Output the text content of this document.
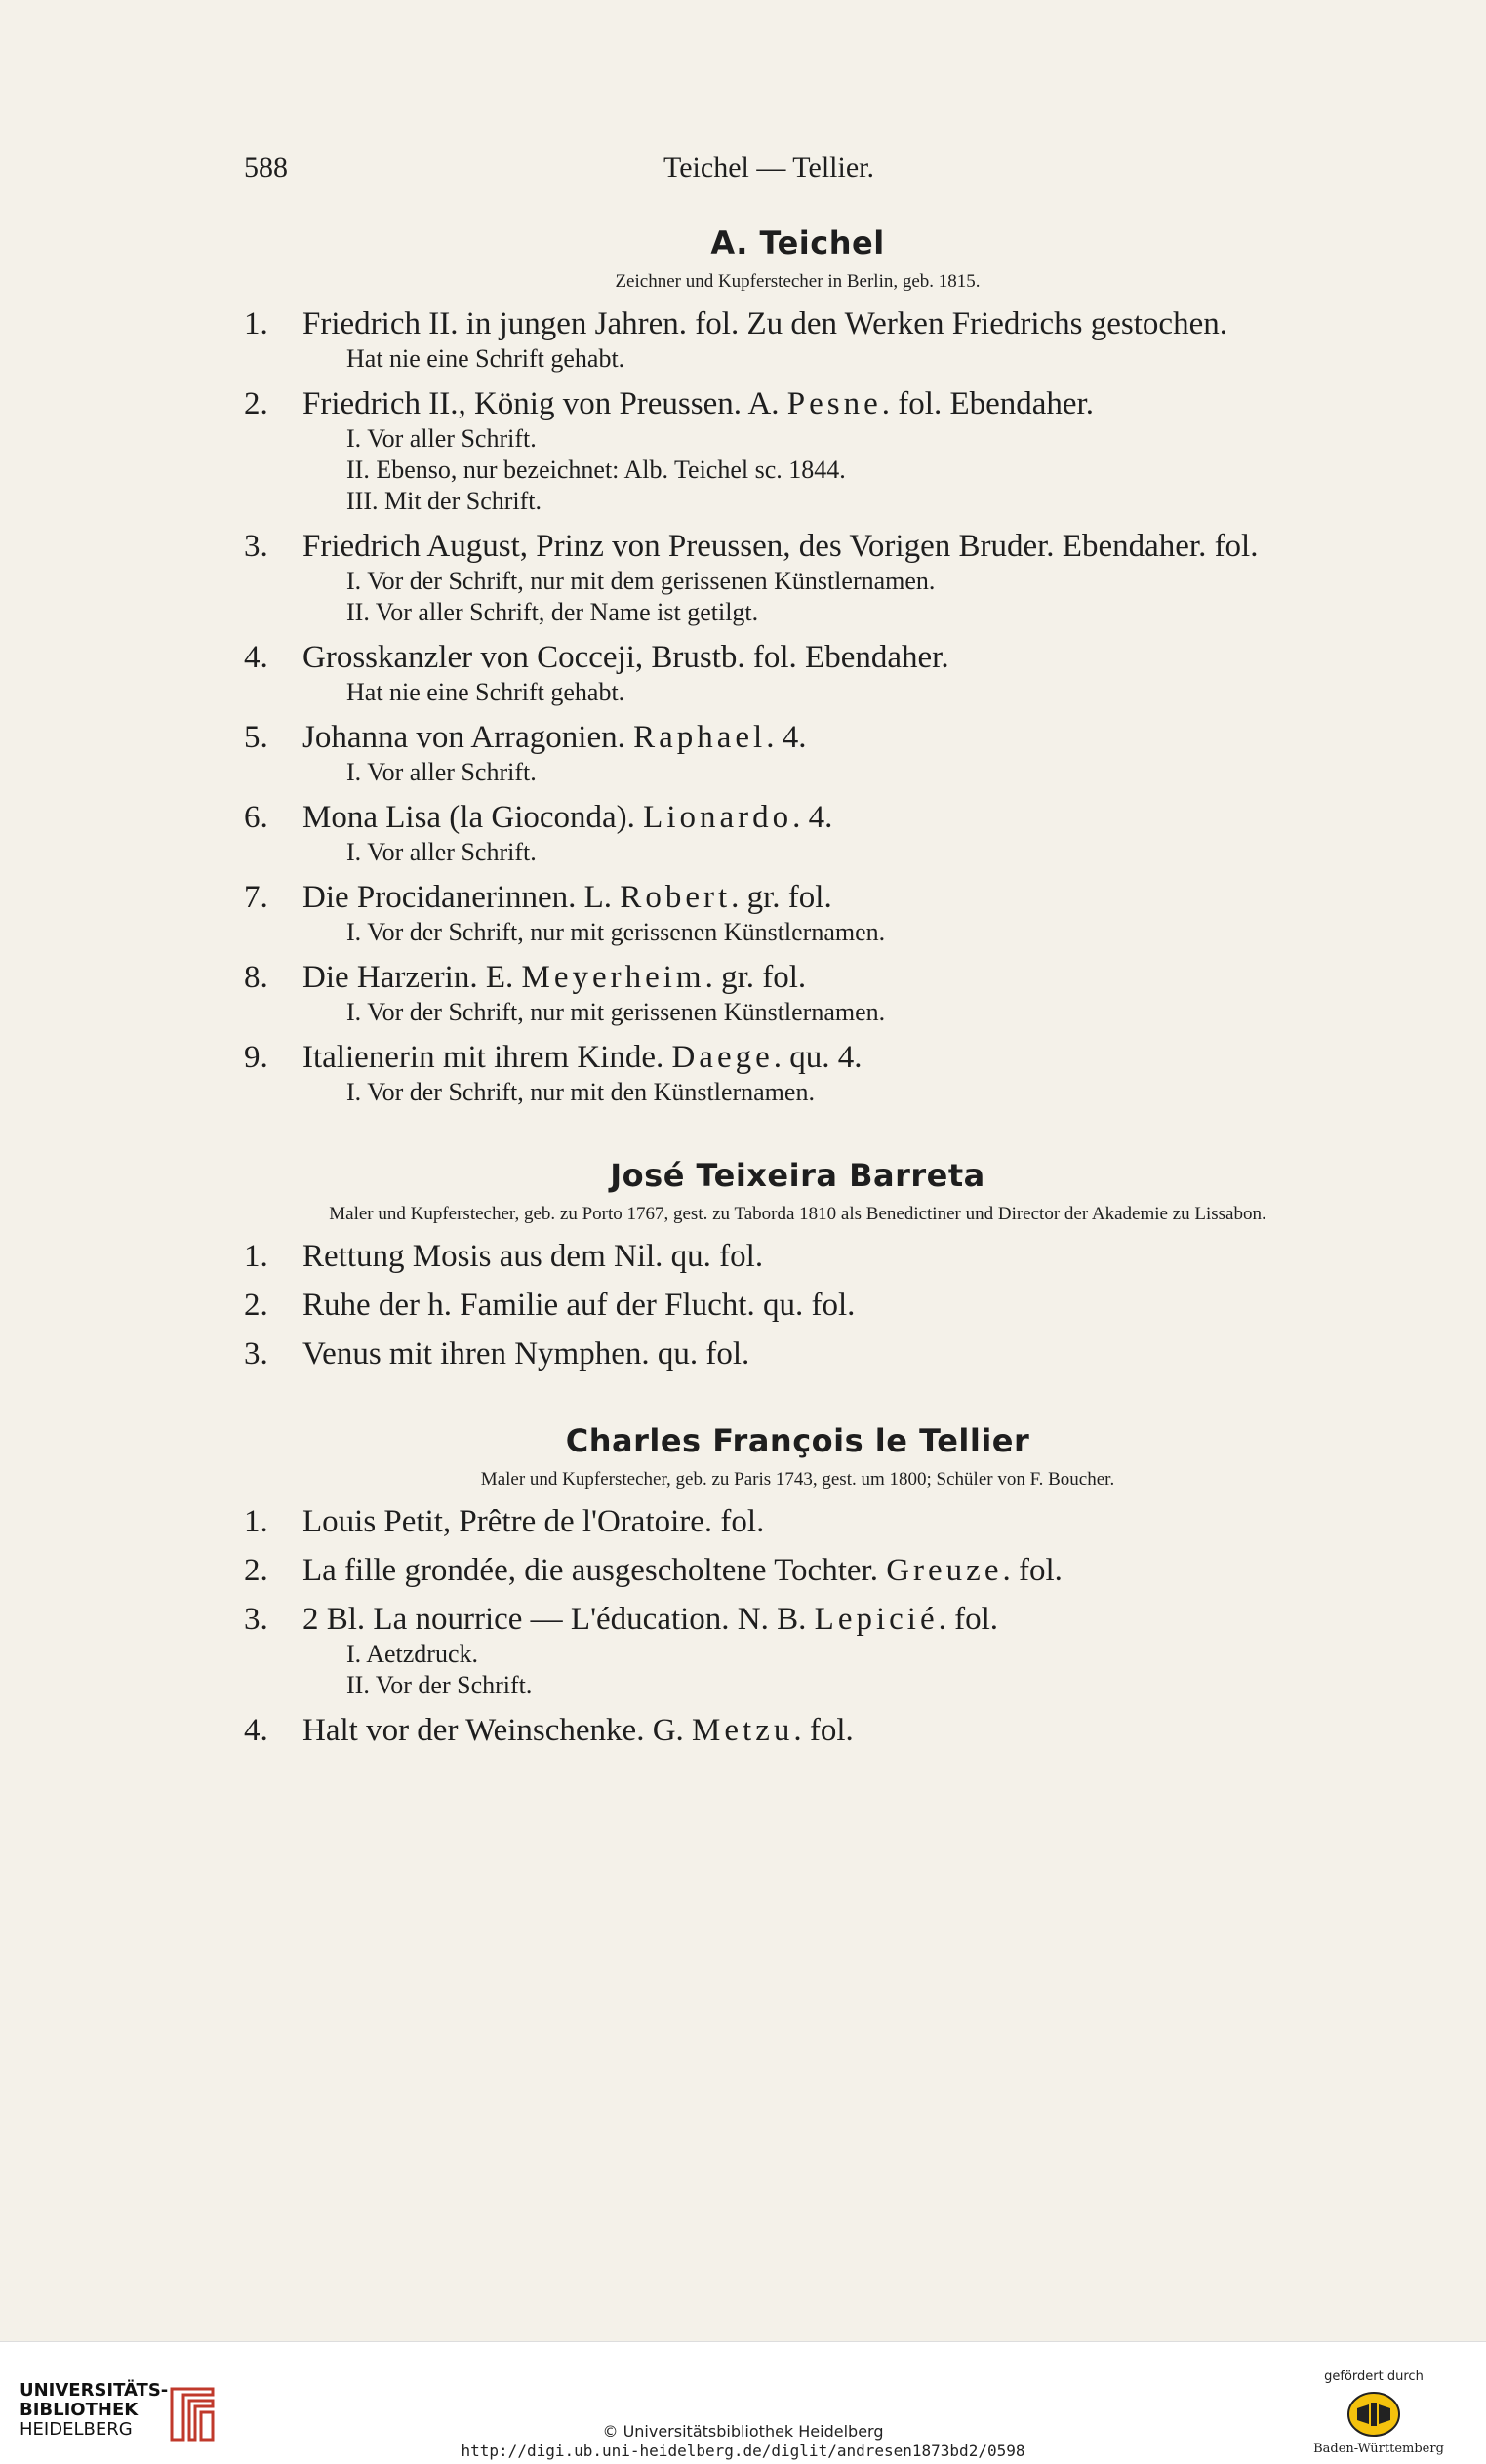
588	Teichel — Tellier.
A. Teichel

Zeichner und Kupferstecher in Berlin, geb. 1815.

1. Friedrich II. in jungen Jahren. fol. Zu den Werken Friedrichs gestochen.
Hat nie eine Schrift gehabt.
2. Friedrich II., König von Preussen. A. Pesne. fol. Ebendaher.
I. Vor aller Schrift.
II. Ebenso, nur bezeichnet: Alb. Teichel sc. 1844.
III. Mit der Schrift.
3. Friedrich August, Prinz von Preussen, des Vorigen Bruder. Ebendaher. fol.
I. Vor der Schrift, nur mit dem gerissenen Künstlernamen.
II. Vor aller Schrift, der Name ist getilgt.
4. Grosskanzler von Cocceji, Brustb. fol. Ebendaher.
Hat nie eine Schrift gehabt.
5. Johanna von Arragonien. Raphael. 4.
I. Vor aller Schrift.
6. Mona Lisa (la Gioconda). Lionardo. 4.
I. Vor aller Schrift.
7. Die Procidanerinnen. L. Robert. gr. fol.
I. Vor der Schrift, nur mit gerissenen Künstlernamen.
8. Die Harzerin. E. Meyerheim. gr. fol.
I. Vor der Schrift, nur mit gerissenen Künstlernamen.
9. Italienerin mit ihrem Kinde. Daege. qu. 4.
I. Vor der Schrift, nur mit den Künstlernamen.
José Teixeira Barreta

Maler und Kupferstecher, geb. zu Porto 1767, gest. zu Taborda 1810 als Benedictiner und Director der Akademie zu Lissabon.

1. Rettung Mosis aus dem Nil. qu. fol.
2. Ruhe der h. Familie auf der Flucht. qu. fol.
3. Venus mit ihren Nymphen. qu. fol.
Charles François le Tellier

Maler und Kupferstecher, geb. zu Paris 1743, gest. um 1800; Schüler von F. Boucher.

1. Louis Petit, Prêtre de l'Oratoire. fol.
2. La fille grondée, die ausgescholtene Tochter. Greuze. fol.
3. 2 Bl. La nourrice — L'éducation. N. B. Lepicié. fol.
I. Aetzdruck.
II. Vor der Schrift.
4. Halt vor der Weinschenke. G. Metzu. fol.
UNIVERSITÄTS-
BIBLIOTHEK
HEIDELBERG	© Universitätsbibliothek Heidelberg
http://digi.ub.uni-heidelberg.de/diglit/andresen1873bd2/0598
gefördert durch
Baden-Württemberg
